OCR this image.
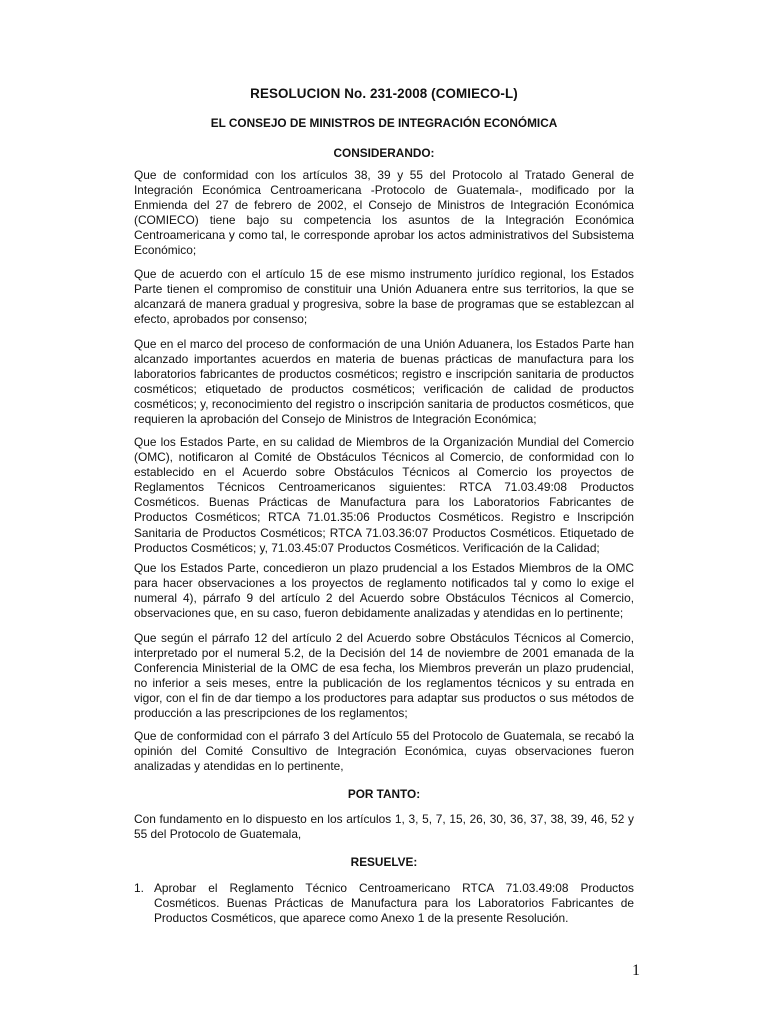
RESOLUCION No. 231-2008 (COMIECO-L)
EL CONSEJO DE MINISTROS DE INTEGRACIÓN ECONÓMICA
CONSIDERANDO:

Que de conformidad con los artículos 38, 39 y 55 del Protocolo al Tratado General de Integración Económica Centroamericana -Protocolo de Guatemala-, modificado por la Enmienda del 27 de febrero de 2002, el Consejo de Ministros de Integración Económica (COMIECO) tiene bajo su competencia los asuntos de la Integración Económica Centroamericana y como tal, le corresponde aprobar los actos administrativos del Subsistema Económico;

Que de acuerdo con el artículo 15 de ese mismo instrumento jurídico regional, los Estados Parte tienen el compromiso de constituir una Unión Aduanera entre sus territorios, la que se alcanzará de manera gradual y progresiva, sobre la base de programas que se establezcan al efecto, aprobados por consenso;

Que en el marco del proceso de conformación de una Unión Aduanera, los Estados Parte han alcanzado importantes acuerdos en materia de buenas prácticas de manufactura para los laboratorios fabricantes de productos cosméticos; registro e inscripción sanitaria de productos cosméticos; etiquetado de productos cosméticos; verificación de calidad de productos cosméticos; y, reconocimiento del registro o inscripción sanitaria de productos cosméticos, que requieren la aprobación del Consejo de Ministros de Integración Económica;

Que los Estados Parte, en su calidad de Miembros de la Organización Mundial del Comercio (OMC), notificaron al Comité de Obstáculos Técnicos al Comercio, de conformidad con lo establecido en el Acuerdo sobre Obstáculos Técnicos al Comercio los proyectos de Reglamentos Técnicos Centroamericanos siguientes: RTCA 71.03.49:08 Productos Cosméticos. Buenas Prácticas de Manufactura para los Laboratorios Fabricantes de Productos Cosméticos; RTCA 71.01.35:06 Productos Cosméticos. Registro e Inscripción Sanitaria de Productos Cosméticos; RTCA 71.03.36:07 Productos Cosméticos. Etiquetado de Productos Cosméticos; y, 71.03.45:07 Productos Cosméticos. Verificación de la Calidad;

Que los Estados Parte, concedieron un plazo prudencial a los Estados Miembros de la OMC para hacer observaciones a los proyectos de reglamento notificados tal y como lo exige el numeral 4), párrafo 9 del artículo 2 del Acuerdo sobre Obstáculos Técnicos al Comercio, observaciones que, en su caso, fueron debidamente analizadas y atendidas en lo pertinente;

Que según el párrafo 12 del artículo 2 del Acuerdo sobre Obstáculos Técnicos al Comercio, interpretado por el numeral 5.2, de la Decisión del 14 de noviembre de 2001 emanada de la Conferencia Ministerial de la OMC de esa fecha, los Miembros preverán un plazo prudencial, no inferior a seis meses, entre la publicación de los reglamentos técnicos y su entrada en vigor, con el fin de dar tiempo a los productores para adaptar sus productos o sus métodos de producción a las prescripciones de los reglamentos;

Que de conformidad con el párrafo 3 del Artículo 55 del Protocolo de Guatemala, se recabó la opinión del Comité Consultivo de Integración Económica, cuyas observaciones fueron analizadas y atendidas en lo pertinente,

POR TANTO:

Con fundamento en lo dispuesto en los artículos 1, 3, 5, 7, 15, 26, 30, 36, 37, 38, 39, 46, 52 y 55 del Protocolo de Guatemala,

RESUELVE:
1. Aprobar el Reglamento Técnico Centroamericano RTCA 71.03.49:08 Productos Cosméticos. Buenas Prácticas de Manufactura para los Laboratorios Fabricantes de Productos Cosméticos, que aparece como Anexo 1 de la presente Resolución.

1
